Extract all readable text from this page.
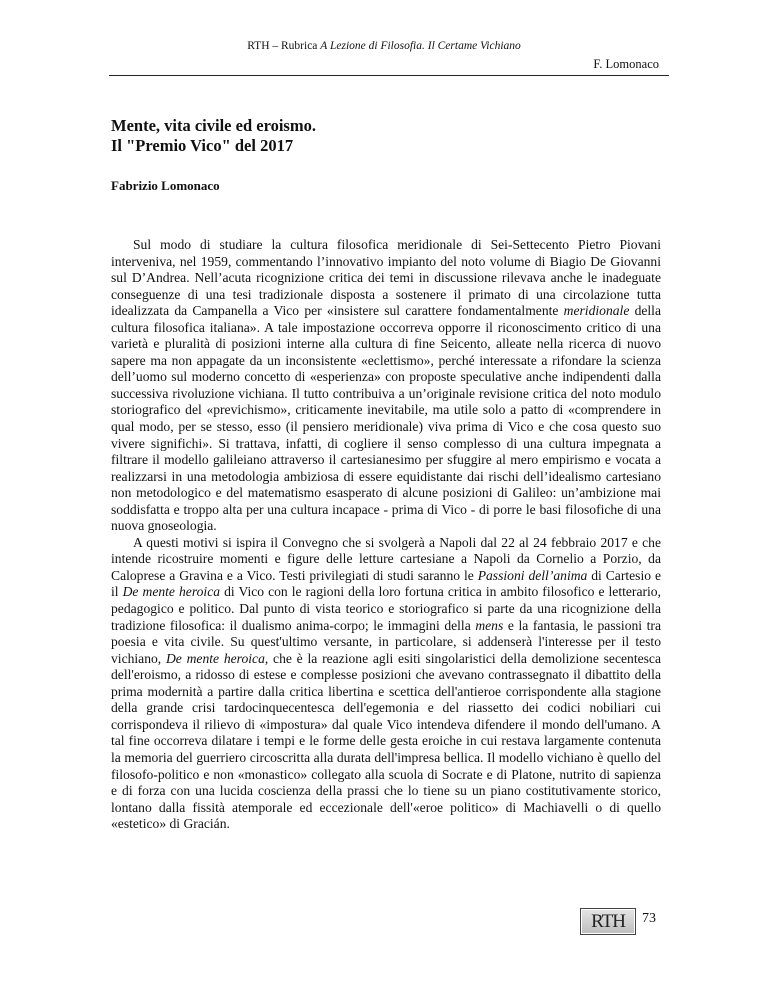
RTH – Rubrica A Lezione di Filosofia. Il Certame Vichiano
F. Lomonaco
Mente, vita civile ed eroismo.
Il "Premio Vico" del 2017
Fabrizio Lomonaco

Sul modo di studiare la cultura filosofica meridionale di Sei-Settecento Pietro Piovani interveniva, nel 1959, commentando l’innovativo impianto del noto volume di Biagio De Giovanni sul D’Andrea. Nell’acuta ricognizione critica dei temi in discussione rilevava anche le inadeguate conseguenze di una tesi tradizionale disposta a sostenere il primato di una circolazione tutta idealizzata da Campanella a Vico per «insistere sul carattere fondamentalmente meridionale della cultura filosofica italiana». A tale impostazione occorreva opporre il riconoscimento critico di una varietà e pluralità di posizioni interne alla cultura di fine Seicento, alleate nella ricerca di nuovo sapere ma non appagate da un inconsistente «eclettismo», perché interessate a rifondare la scienza dell’uomo sul moderno concetto di «esperienza» con proposte speculative anche indipendenti dalla successiva rivoluzione vichiana. Il tutto contribuiva a un’originale revisione critica del noto modulo storiografico del «previchismo», criticamente inevitabile, ma utile solo a patto di «comprendere in qual modo, per se stesso, esso (il pensiero meridionale) viva prima di Vico e che cosa questo suo vivere significhi». Si trattava, infatti, di cogliere il senso complesso di una cultura impegnata a filtrare il modello galileiano attraverso il cartesianesimo per sfuggire al mero empirismo e vocata a realizzarsi in una metodologia ambiziosa di essere equidistante dai rischi dell’idealismo cartesiano non metodologico e del matematismo esasperato di alcune posizioni di Galileo: un’ambizione mai soddisfatta e troppo alta per una cultura incapace - prima di Vico - di porre le basi filosofiche di una nuova gnoseologia.

A questi motivi si ispira il Convegno che si svolgerà a Napoli dal 22 al 24 febbraio 2017 e che intende ricostruire momenti e figure delle letture cartesiane a Napoli da Cornelio a Porzio, da Caloprese a Gravina e a Vico. Testi privilegiati di studi saranno le Passioni dell’anima di Cartesio e il De mente heroica di Vico con le ragioni della loro fortuna critica in ambito filosofico e letterario, pedagogico e politico. Dal punto di vista teorico e storiografico si parte da una ricognizione della tradizione filosofica: il dualismo anima-corpo; le immagini della mens e la fantasia, le passioni tra poesia e vita civile. Su quest'ultimo versante, in particolare, si addenserà l'interesse per il testo vichiano, De mente heroica, che è la reazione agli esiti singolaristici della demolizione secentesca dell'eroismo, a ridosso di estese e complesse posizioni che avevano contrassegnato il dibattito della prima modernità a partire dalla critica libertina e scettica dell'antieroe corrispondente alla stagione della grande crisi tardocinquecentesca dell'egemonia e del riassetto dei codici nobiliari cui corrispondeva il rilievo di «impostura» dal quale Vico intendeva difendere il mondo dell'umano. A tal fine occorreva dilatare i tempi e le forme delle gesta eroiche in cui restava largamente contenuta la memoria del guerriero circoscritta alla durata dell'impresa bellica. Il modello vichiano è quello del filosofo-politico e non «monastico» collegato alla scuola di Socrate e di Platone, nutrito di sapienza e di forza con una lucida coscienza della prassi che lo tiene su un piano costitutivamente storico, lontano dalla fissità atemporale ed eccezionale dell'«eroe politico» di Machiavelli o di quello «estetico» di Gracián.

RTH	73
